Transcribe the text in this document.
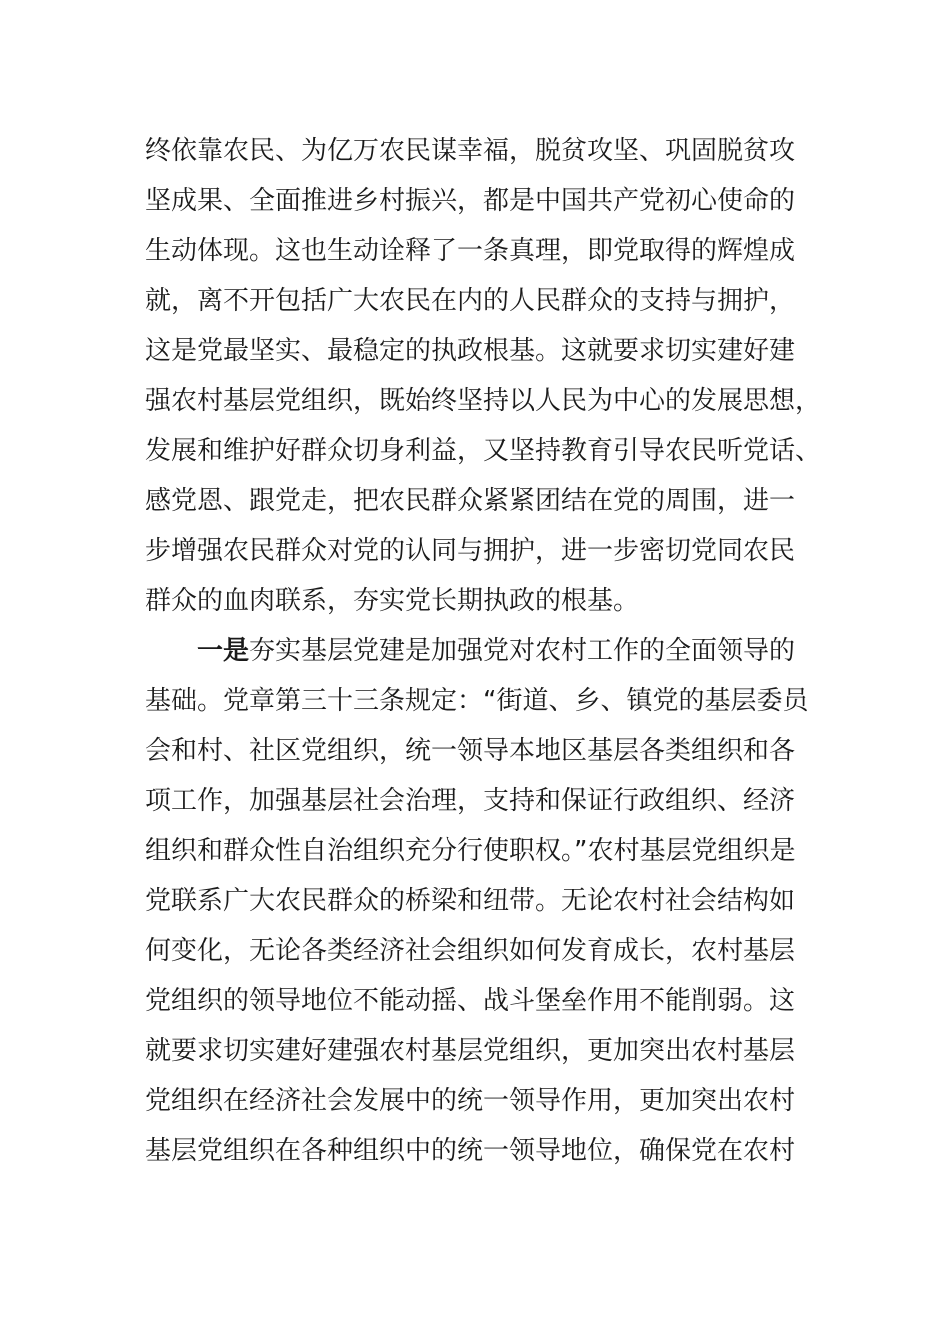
终依靠农民、为亿万农民谋幸福，脱贫攻坚、巩固脱贫攻
坚成果、全面推进乡村振兴，都是中国共产党初心使命的
生动体现。这也生动诠释了一条真理，即党取得的辉煌成
就，离不开包括广大农民在内的人民群众的支持与拥护，
这是党最坚实、最稳定的执政根基。这就要求切实建好建
强农村基层党组织，既始终坚持以人民为中心的发展思想，
发展和维护好群众切身利益，又坚持教育引导农民听党话、
感党恩、跟党走，把农民群众紧紧团结在党的周围，进一
步增强农民群众对党的认同与拥护，进一步密切党同农民
群众的血肉联系，夯实党长期执政的根基。
一是夯实基层党建是加强党对农村工作的全面领导的
基础。党章第三十三条规定：“街道、乡、镇党的基层委员
会和村、社区党组织，统一领导本地区基层各类组织和各
项工作，加强基层社会治理，支持和保证行政组织、经济
组织和群众性自治组织充分行使职权。”农村基层党组织是
党联系广大农民群众的桥梁和纽带。无论农村社会结构如
何变化，无论各类经济社会组织如何发育成长，农村基层
党组织的领导地位不能动摇、战斗堡垒作用不能削弱。这
就要求切实建好建强农村基层党组织，更加突出农村基层
党组织在经济社会发展中的统一领导作用，更加突出农村
基层党组织在各种组织中的统一领导地位，确保党在农村
